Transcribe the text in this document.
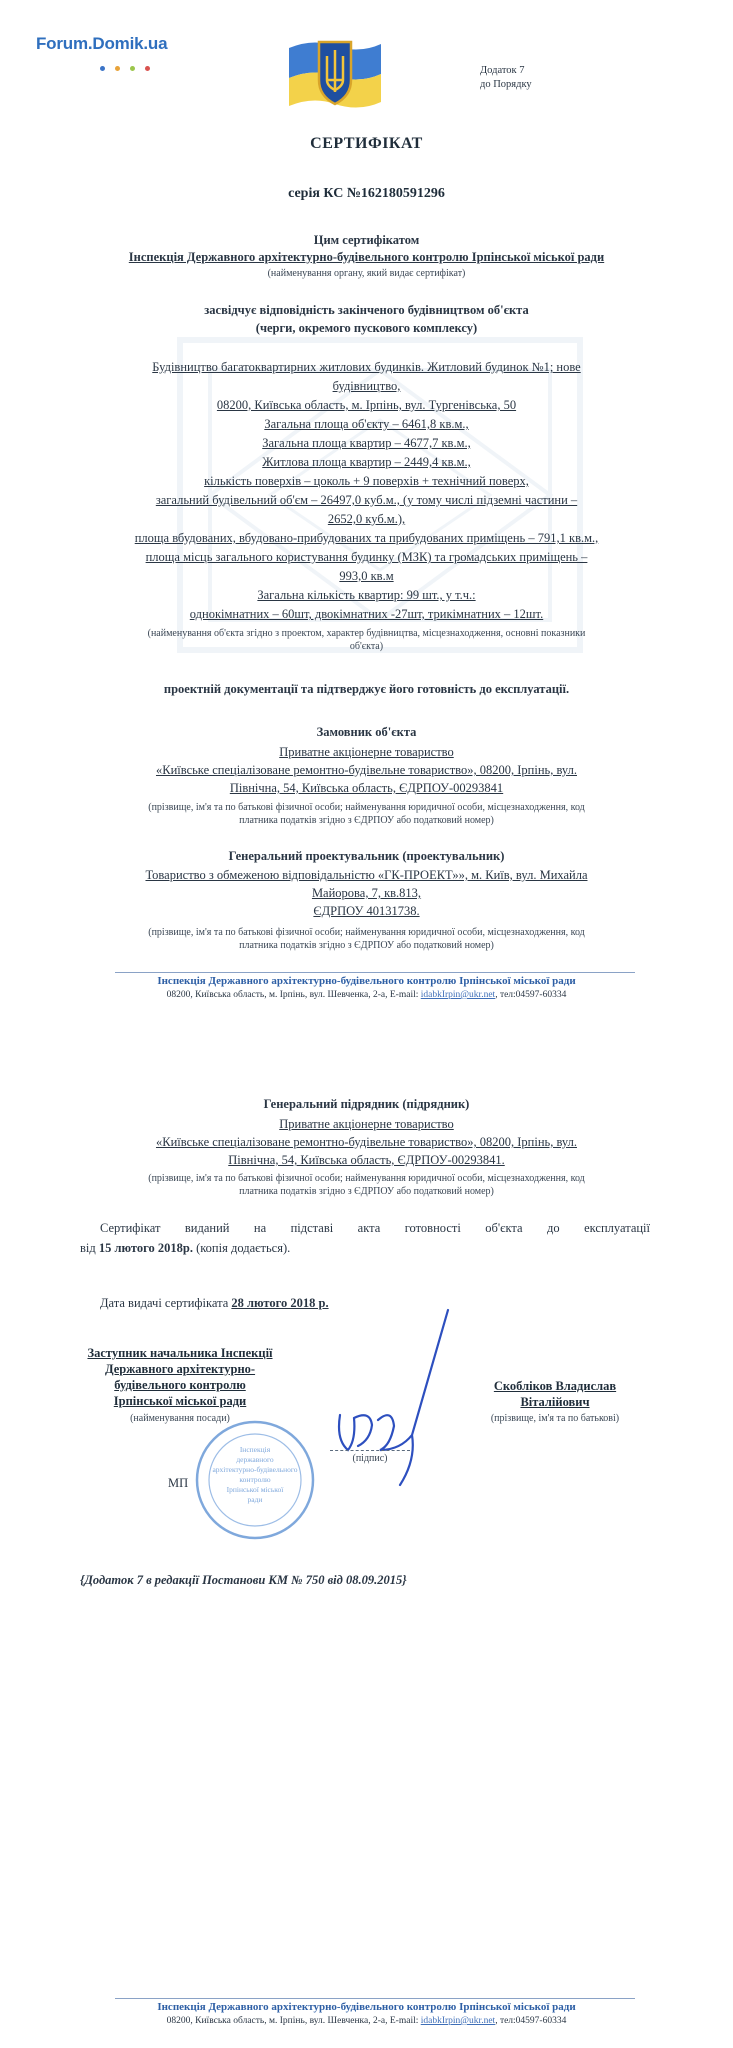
Forum.Domik.ua
Додаток 7
до Порядку
СЕРТИФІКАТ
серія КС №162180591296
Цим сертифікатом
Інспекція Державного архітектурно-будівельного контролю Ірпінської міської ради
(найменування органу, який видає сертифікат)
засвідчує відповідність закінченого будівництвом об'єкта
(черги, окремого пускового комплексу)
Будівництво багатоквартирних житлових будинків. Житловий будинок №1; нове
будівництво,
08200, Київська область, м. Ірпінь, вул. Тургенівська, 50
Загальна площа об'єкту – 6461,8 кв.м.,
Загальна площа квартир – 4677,7 кв.м.,
Житлова площа квартир – 2449,4 кв.м.,
кількість поверхів – цоколь + 9 поверхів + технічний поверх,
загальний будівельний об'єм – 26497,0 куб.м., (у тому числі підземні частини –
2652,0 куб.м.),
площа вбудованих, вбудовано-прибудованих та прибудованих приміщень – 791,1 кв.м.,
площа місць загального користування будинку (МЗК) та громадських приміщень –
993,0 кв.м
Загальна кількість квартир: 99 шт., у т.ч.:
однокімнатних – 60шт, двокімнатних -27шт, трикімнатних – 12шт.
(найменування об'єкта згідно з проектом, характер будівництва, місцезнаходження, основні показники
об'єкта)
проектній документації та підтверджує його готовність до експлуатації.
Замовник об'єкта
Приватне акціонерне товариство
«Київське спеціалізоване ремонтно-будівельне товариство», 08200, Ірпінь, вул.
Північна, 54, Київська область, ЄДРПОУ-00293841
(прізвище, ім'я та по батькові фізичної особи; найменування юридичної особи, місцезнаходження, код
платника податків згідно з ЄДРПОУ або податковий номер)
Генеральний проектувальник (проектувальник)
Товариство з обмеженою відповідальністю «ГК-ПРОЕКТ»», м. Київ, вул. Михайла
Майорова, 7, кв.813,
ЄДРПОУ 40131738.
(прізвище, ім'я та по батькові фізичної особи; найменування юридичної особи, місцезнаходження, код
платника податків згідно з ЄДРПОУ або податковий номер)
Інспекція Державного архітектурно-будівельного контролю Ірпінської міської ради
08200, Київська область, м. Ірпінь, вул. Шевченка, 2-а, E-mail: idabkIrpin@ukr.net, тел:04597-60334
Генеральний підрядник (підрядник)
Приватне акціонерне товариство
«Київське спеціалізоване ремонтно-будівельне товариство», 08200, Ірпінь, вул.
Північна, 54, Київська область, ЄДРПОУ-00293841.
(прізвище, ім'я та по батькові фізичної особи; найменування юридичної особи, місцезнаходження, код
платника податків згідно з ЄДРПОУ або податковий номер)
Сертифікат виданий на підставі акта готовності об'єкта до експлуатації
від 15 лютого 2018р. (копія додається).
Дата видачі сертифіката 28 лютого 2018 р.
Заступник начальника Інспекції
Державного архітектурно-
будівельного контролю
Ірпінської міської ради
(найменування посади)
(підпис)
Скобліков Владислав
Віталійович
(прізвище, ім'я та по батькові)
МП
Інспекція
державного
архітектурно-будівельного
контролю
Ірпінської міської
ради
{Додаток 7 в редакції Постанови КМ № 750 від 08.09.2015}
Інспекція Державного архітектурно-будівельного контролю Ірпінської міської ради
08200, Київська область, м. Ірпінь, вул. Шевченка, 2-а, E-mail: idabkIrpin@ukr.net, тел:04597-60334
